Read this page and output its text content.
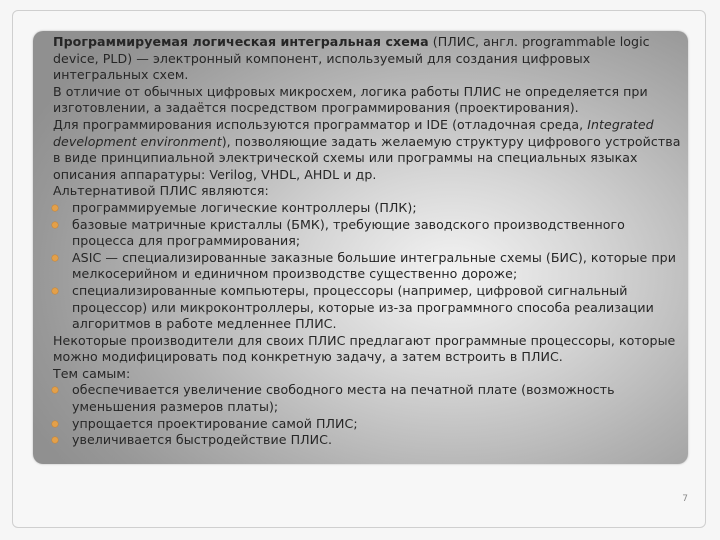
Программируемая логическая интегральная схема (ПЛИС, англ. programmable logic device, PLD) — электронный компонент, используемый для создания цифровых интегральных схем.

В отличие от обычных цифровых микросхем, логика работы ПЛИС не определяется при изготовлении, а задаётся посредством программирования (проектирования).

Для программирования используются программатор и IDE (отладочная среда, Integrated development environment), позволяющие задать желаемую структуру цифрового устройства в виде принципиальной электрической схемы или программы на специальных языках описания аппаратуры: Verilog, VHDL, AHDL и др.

Альтернативой ПЛИС являются:

программируемые логические контроллеры (ПЛК);
базовые матричные кристаллы (БМК), требующие заводского производственного процесса для программирования;
ASIC — специализированные заказные большие интегральные схемы (БИС), которые при мелкосерийном и единичном производстве существенно дороже;
специализированные компьютеры, процессоры (например, цифровой сигнальный процессор) или микроконтроллеры, которые из-за программного способа реализации алгоритмов в работе медленнее ПЛИС.

Некоторые производители для своих ПЛИС предлагают программные процессоры, которые можно модифицировать под конкретную задачу, а затем встроить в ПЛИС.

Тем самым:

обеспечивается увеличение свободного места на печатной плате (возможность уменьшения размеров платы);
упрощается проектирование самой ПЛИС;
увеличивается быстродействие ПЛИС.
7
